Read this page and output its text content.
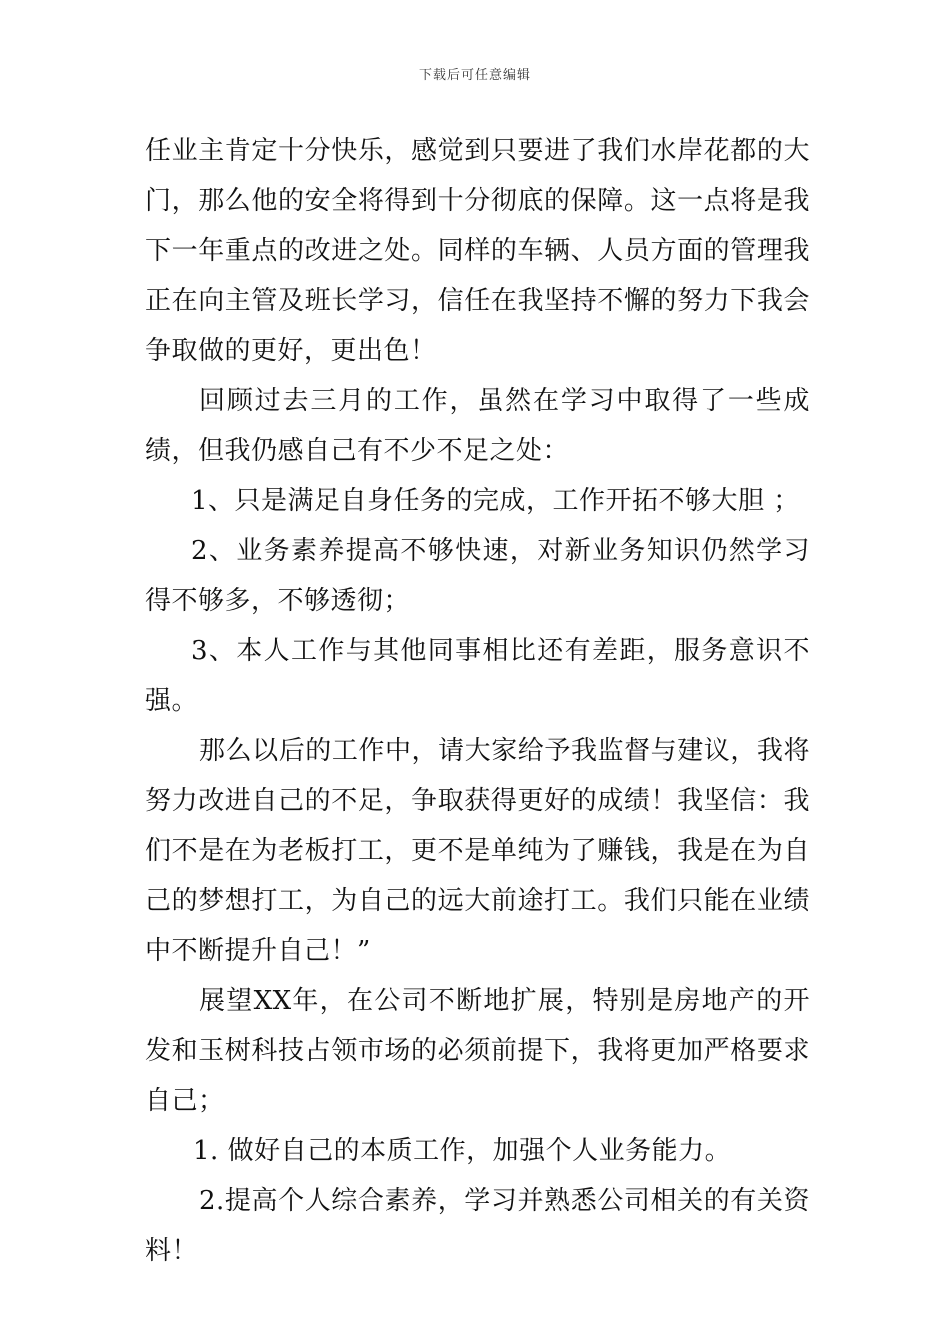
下载后可任意编辑

任业主肯定十分快乐，感觉到只要进了我们水岸花都的大门，那么他的安全将得到十分彻底的保障。这一点将是我下一年重点的改进之处。同样的车辆、人员方面的管理我正在向主管及班长学习，信任在我坚持不懈的努力下我会争取做的更好，更出色！

回顾过去三月的工作，虽然在学习中取得了一些成绩，但我仍感自己有不少不足之处：

1、只是满足自身任务的完成，工作开拓不够大胆 ；

2、业务素养提高不够快速，对新业务知识仍然学习得不够多，不够透彻；

3、本人工作与其他同事相比还有差距，服务意识不强。

那么以后的工作中，请大家给予我监督与建议，我将努力改进自己的不足，争取获得更好的成绩！我坚信：我们不是在为老板打工，更不是单纯为了赚钱，我是在为自己的梦想打工，为自己的远大前途打工。我们只能在业绩中不断提升自己！”

展望XX年，在公司不断地扩展，特别是房地产的开发和玉树科技占领市场的必须前提下，我将更加严格要求自己；

1. 做好自己的本质工作，加强个人业务能力。

2.提高个人综合素养，学习并熟悉公司相关的有关资料！
